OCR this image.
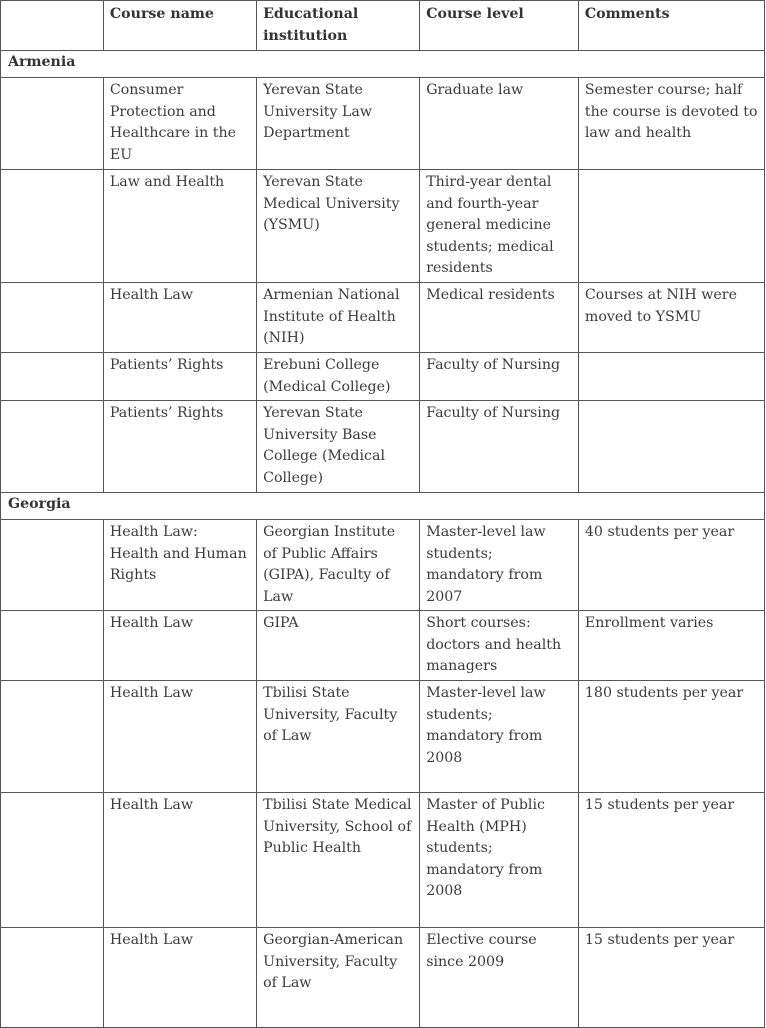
	Course name	Educational institution	Course level	Comments
Armenia				
	Consumer Protection and Healthcare in the EU	Yerevan State University Law Department	Graduate law	Semester course; half the course is devoted to law and health
	Law and Health	Yerevan State Medical University (YSMU)	Third-year dental and fourth-year general medicine students; medical residents	
	Health Law	Armenian National Institute of Health (NIH)	Medical residents	Courses at NIH were moved to YSMU
	Patients’ Rights	Erebuni College (Medical College)	Faculty of Nursing	
	Patients’ Rights	Yerevan State University Base College (Medical College)	Faculty of Nursing	
Georgia				
	Health Law: Health and Human Rights	Georgian Institute of Public Affairs (GIPA), Faculty of Law	Master-level law students; mandatory from 2007	40 students per year
	Health Law	GIPA	Short courses: doctors and health managers	Enrollment varies
	Health Law	Tbilisi State University, Faculty of Law	Master-level law students; mandatory from 2008	180 students per year
	Health Law	Tbilisi State Medical University, School of Public Health	Master of Public Health (MPH) students; mandatory from 2008	15 students per year
	Health Law	Georgian-American University, Faculty of Law	Elective course since 2009	15 students per year
